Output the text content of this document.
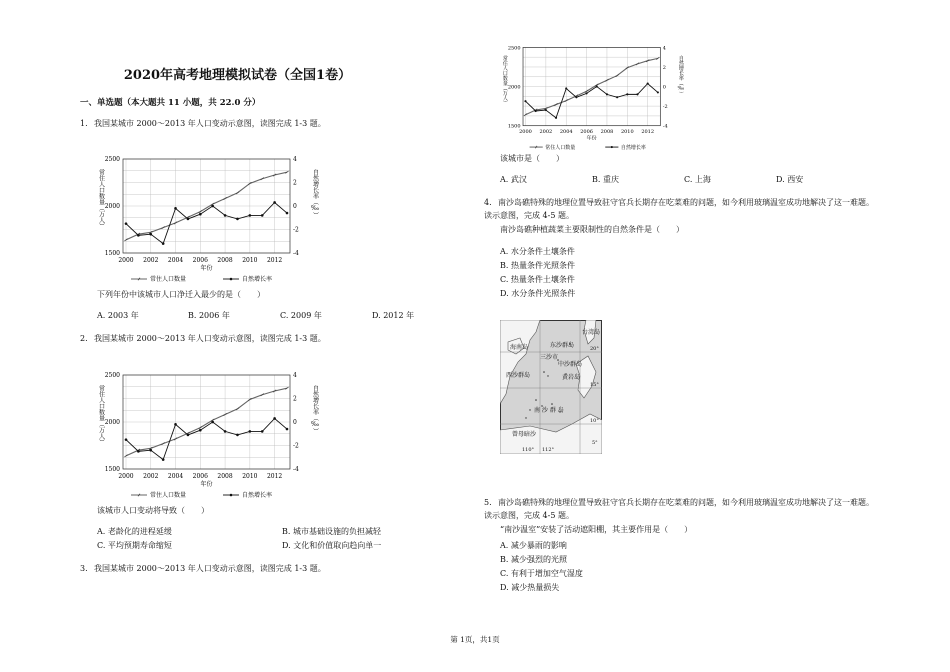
2020年高考地理模拟试卷（全国1卷）
一、单选题（本大题共 11 小题，共 22.0 分）
1. 我国某城市 2000～2013 年人口变动示意图，读图完成 1-3 题。
1500
2000
2500
-4
-2
0
2
4
2000 2002 2004 2006 2008 2010 2012
年份
常住人口数量（万人）	自然增长率（‰）
常住人口数量	自然增长率
下列年份中该城市人口净迁入最少的是（　　）
A. 2003 年	B. 2006 年	C. 2009 年	D. 2012 年
2. 我国某城市 2000～2013 年人口变动示意图，读图完成 1-3 题。
1500
2000
2500
-4
-2
0
2
4
2000 2002 2004 2006 2008 2010 2012
年份
常住人口数量（万人）	自然增长率（‰）
常住人口数量	自然增长率
该城市人口变动将导致（　　）
A. 老龄化的进程延缓	B. 城市基础设施的负担减轻
C. 平均预期寿命缩短	D. 文化和价值取向趋向单一
3. 我国某城市 2000～2013 年人口变动示意图，读图完成 1-3 题。
1500
2000
2500
-4
-2
0
2
4
2000 2002 2004 2006 2008 2010 2012
年份
常住人口数量（万人）	自然增长率（‰）
常住人口数量	自然增长率
该城市是（　　）
A. 武汉	B. 重庆	C. 上海	D. 西安
4. 南沙岛礁特殊的地理位置导致驻守官兵长期存在吃菜难的问题，如今利用玻璃温室成功地解决了这一难题。读示意图，完成 4-5 题。
南沙岛礁种植蔬菜主要限制性的自然条件是（　　）
A. 水分条件土壤条件
B. 热量条件光照条件
C. 热量条件土壤条件
D. 水分条件光照条件
海南岛
台湾岛
东沙群岛
三沙市
中沙群岛
西沙群岛	黄岩岛
南 沙 群 岛
曾母暗沙
20°
15°
10°
5°
110° 112°
5. 南沙岛礁特殊的地理位置导致驻守官兵长期存在吃菜难的问题，如今利用玻璃温室成功地解决了这一难题。读示意图，完成 4-5 题。
“南沙温室”安装了活动遮阳棚，其主要作用是（　　）
A. 减少暴雨的影响
B. 减少强烈的光照
C. 有利于增加空气湿度
D. 减少热量损失
第 1页，共1页
